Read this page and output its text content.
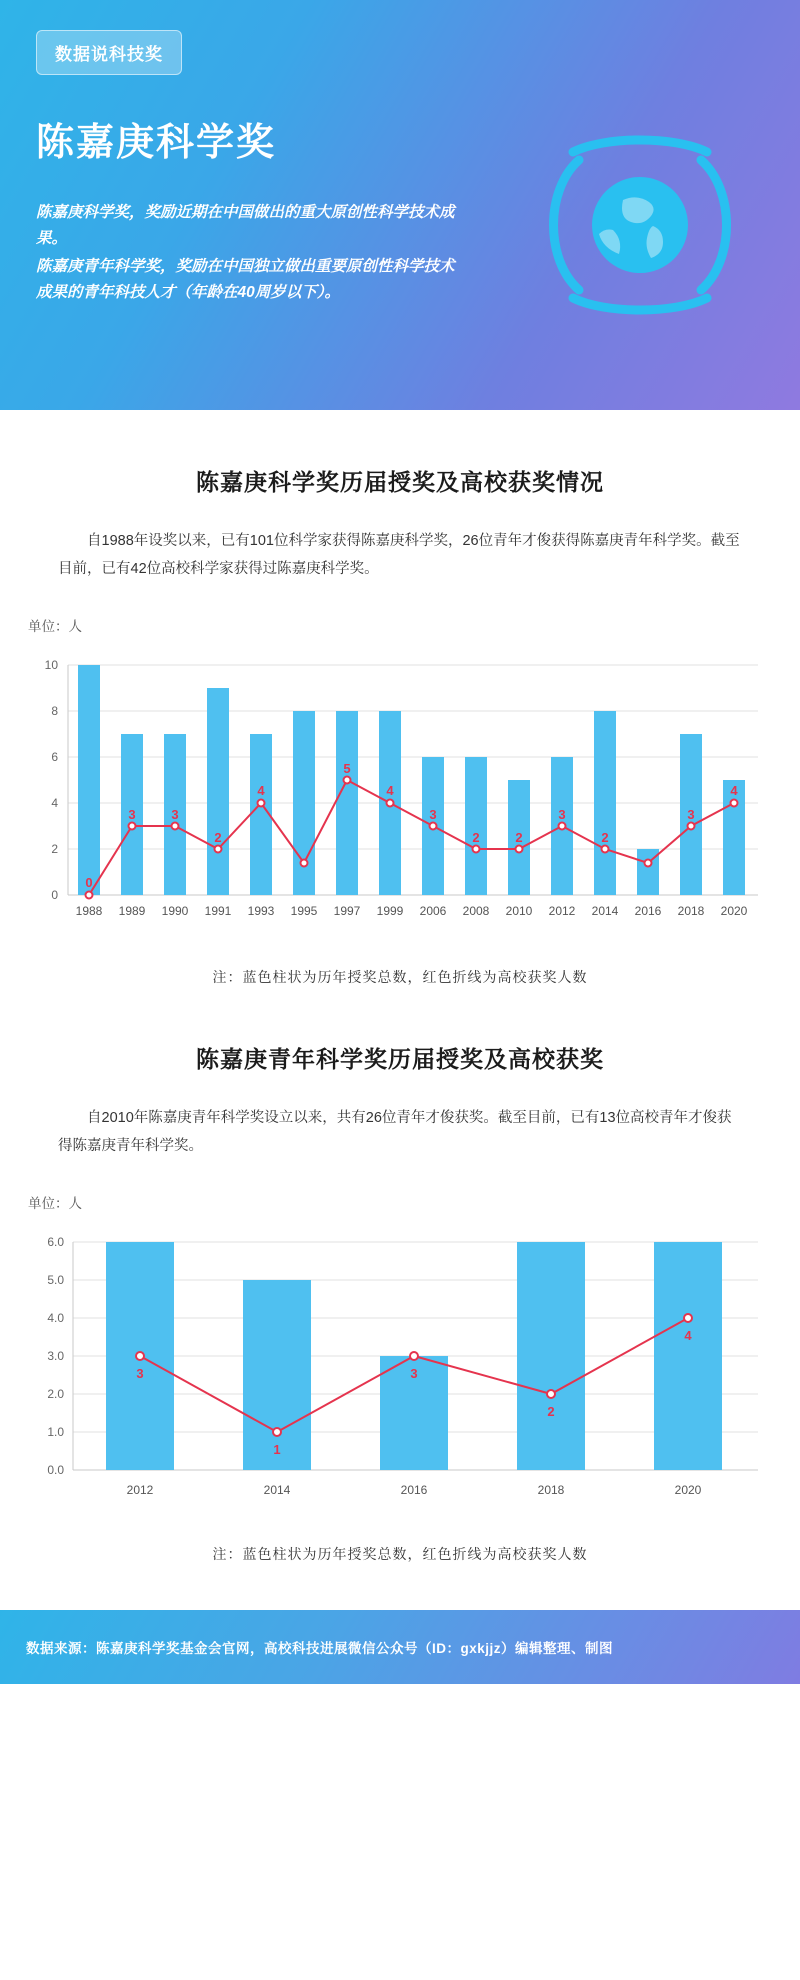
数据说科技奖
陈嘉庚科学奖

陈嘉庚科学奖，奖励近期在中国做出的重大原创性科学技术成果。

陈嘉庚青年科学奖，奖励在中国独立做出重要原创性科学技术成果的青年科技人才（年龄在40周岁以下）。

陈嘉庚科学奖历届授奖及高校获奖情况
自1988年设奖以来，已有101位科学家获得陈嘉庚科学奖，26位青年才俊获得陈嘉庚青年科学奖。截至目前，已有42位高校科学家获得过陈嘉庚科学奖。
单位：人
10
8
6
4
2
0
0
3	3
2
4
5
4
3
2	2
3
2
3
4
1988 1989 1990 1991 1993 1995 1997 1999 2006 2008 2010 2012 2014 2016 2018 2020
注：蓝色柱状为历年授奖总数，红色折线为高校获奖人数
陈嘉庚青年科学奖历届授奖及高校获奖
自2010年陈嘉庚青年科学奖设立以来，共有26位青年才俊获奖。截至目前，已有13位高校青年才俊获得陈嘉庚青年科学奖。
单位：人
6.0
5.0
4.0
3.0
2.0
1.0
0.0
3
1
3
2
4
2012	2014	2016	2018	2020
注：蓝色柱状为历年授奖总数，红色折线为高校获奖人数
数据来源：陈嘉庚科学奖基金会官网，高校科技进展微信公众号（ID：gxkjjz）编辑整理、制图
